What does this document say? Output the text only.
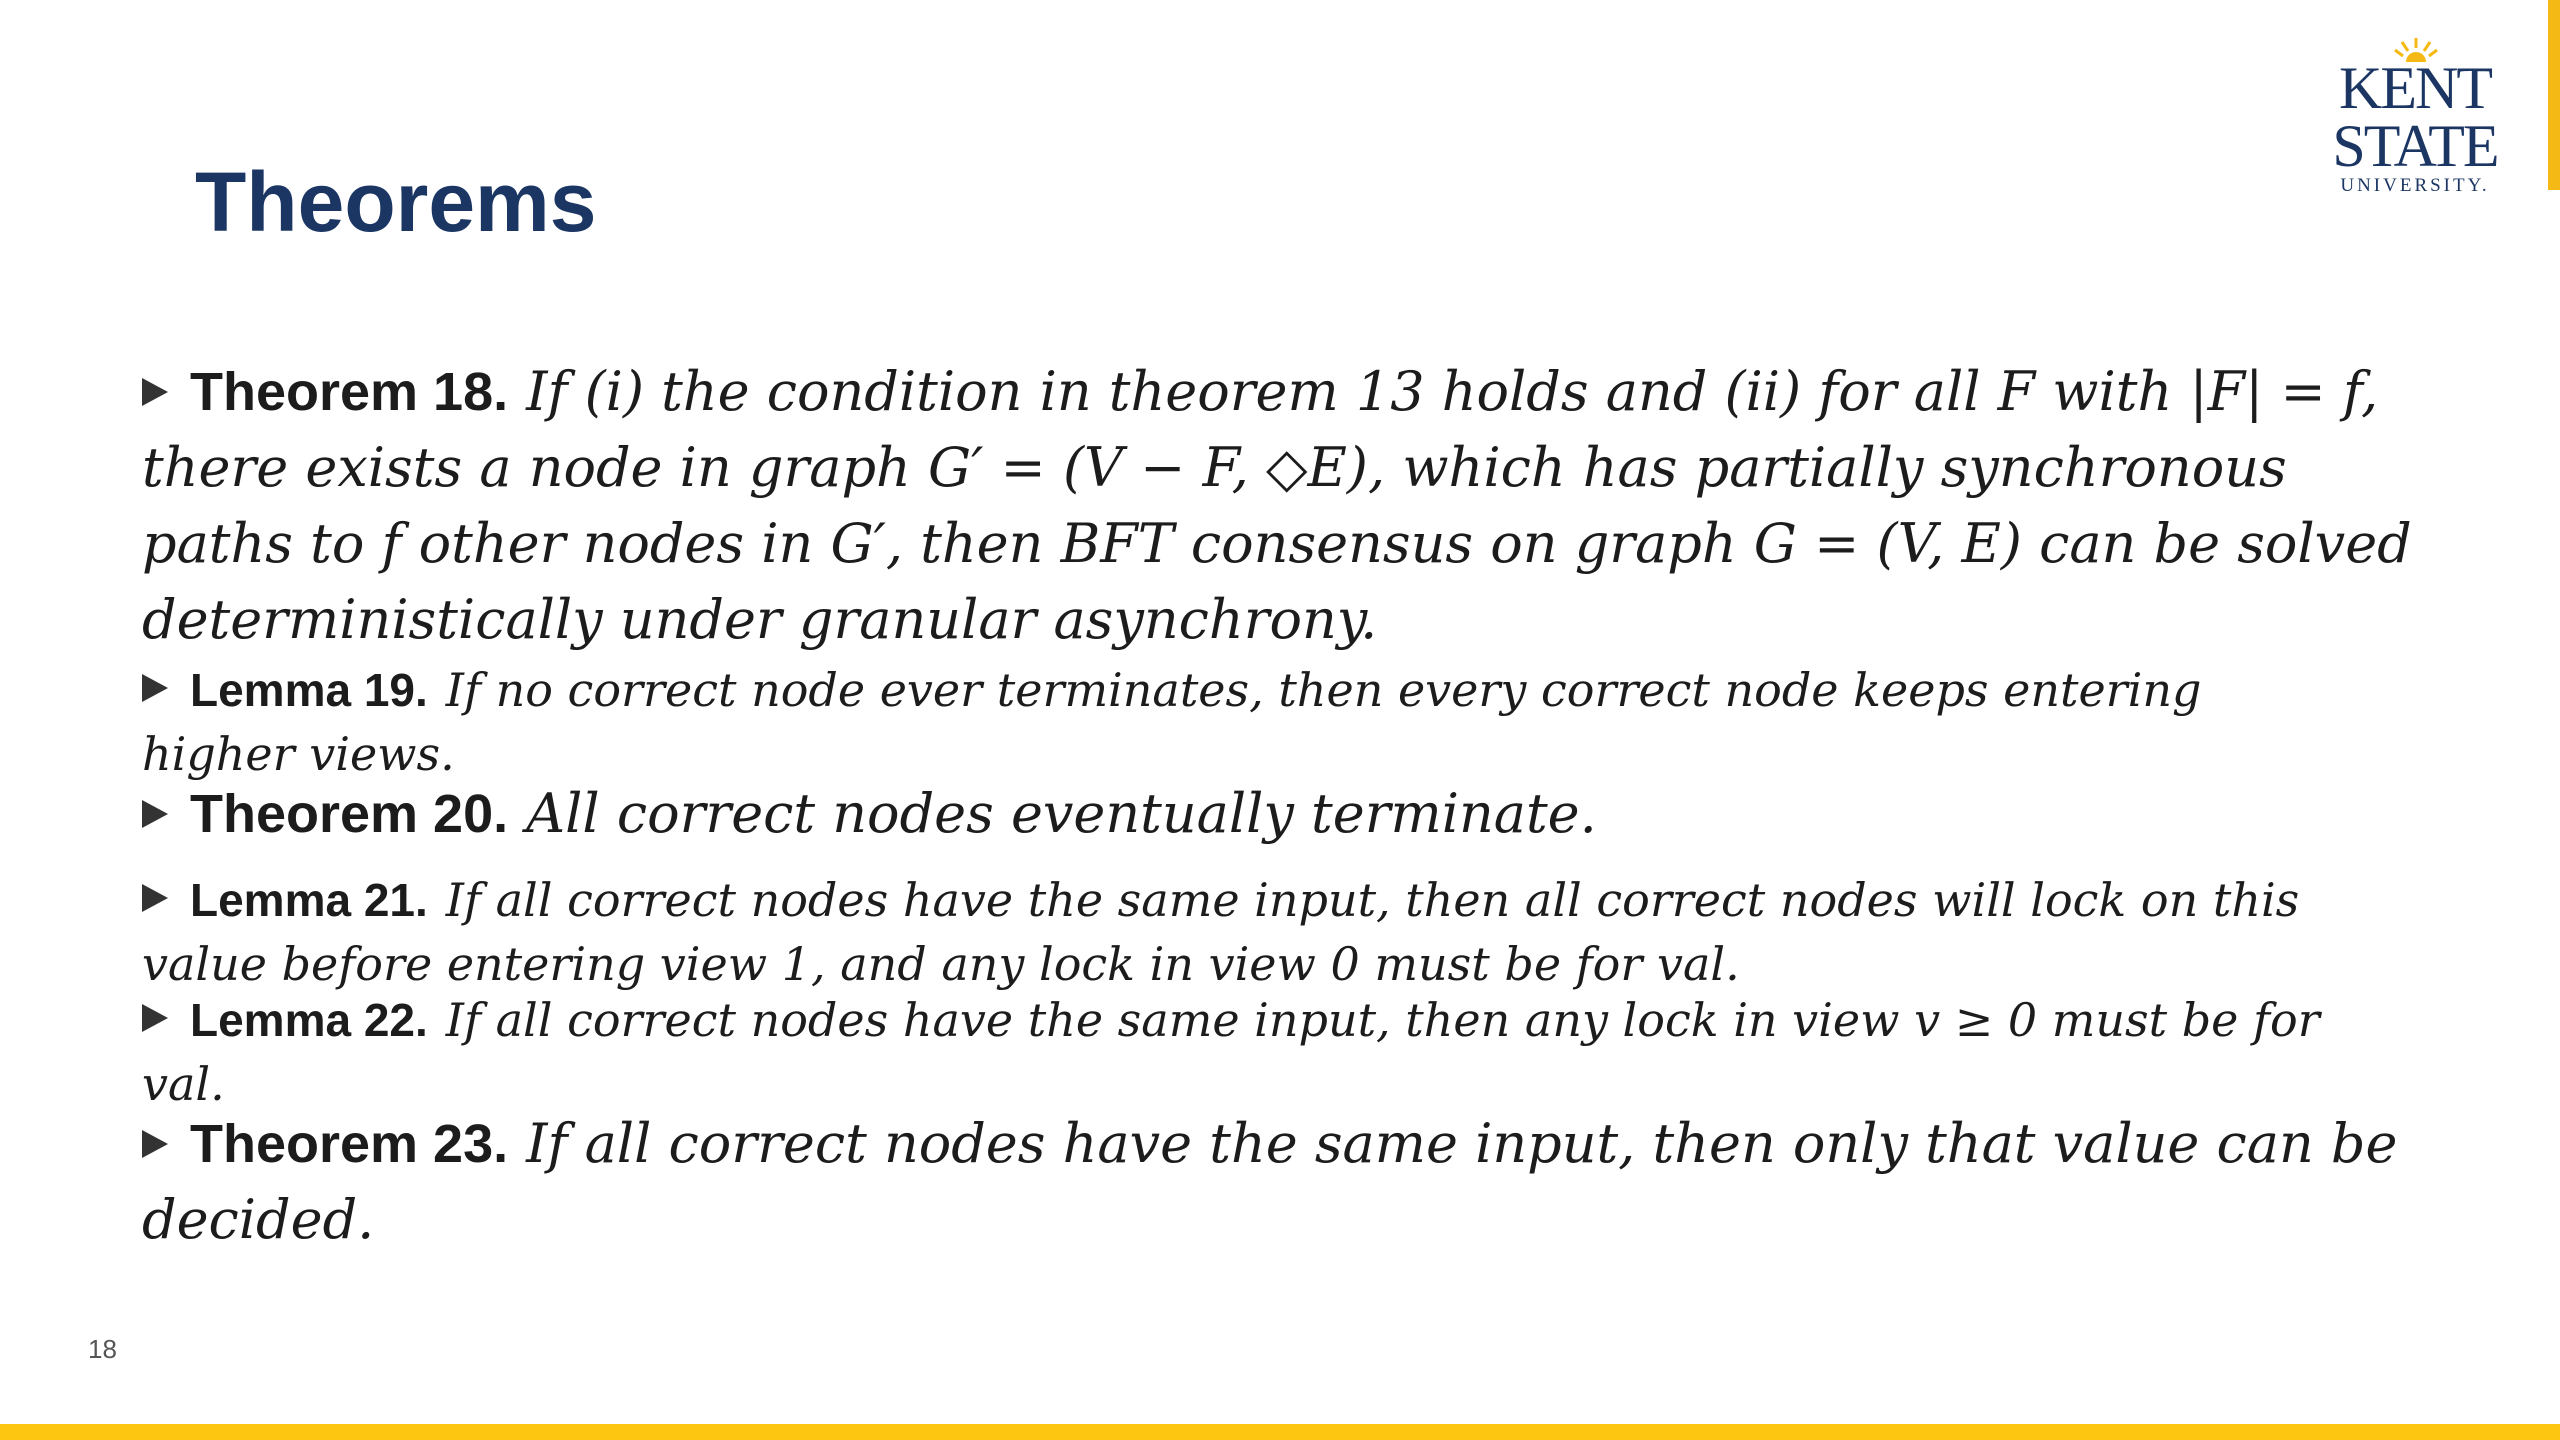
Theorems
KENT
STATE
UNIVERSITY.

Theorem 18. If (i) the condition in theorem 13 holds and (ii) for all F with |F| = f, there exists a node in graph G′ = (V − F, ◇E), which has partially synchronous paths to f other nodes in G′, then BFT consensus on graph G = (V, E) can be solved deterministically under granular asynchrony.

Lemma 19. If no correct node ever terminates, then every correct node keeps entering higher views.

Theorem 20. All correct nodes eventually terminate.

Lemma 21. If all correct nodes have the same input, then all correct nodes will lock on this value before entering view 1, and any lock in view 0 must be for val.

Lemma 22. If all correct nodes have the same input, then any lock in view v ≥ 0 must be for val.

Theorem 23. If all correct nodes have the same input, then only that value can be decided.

18
